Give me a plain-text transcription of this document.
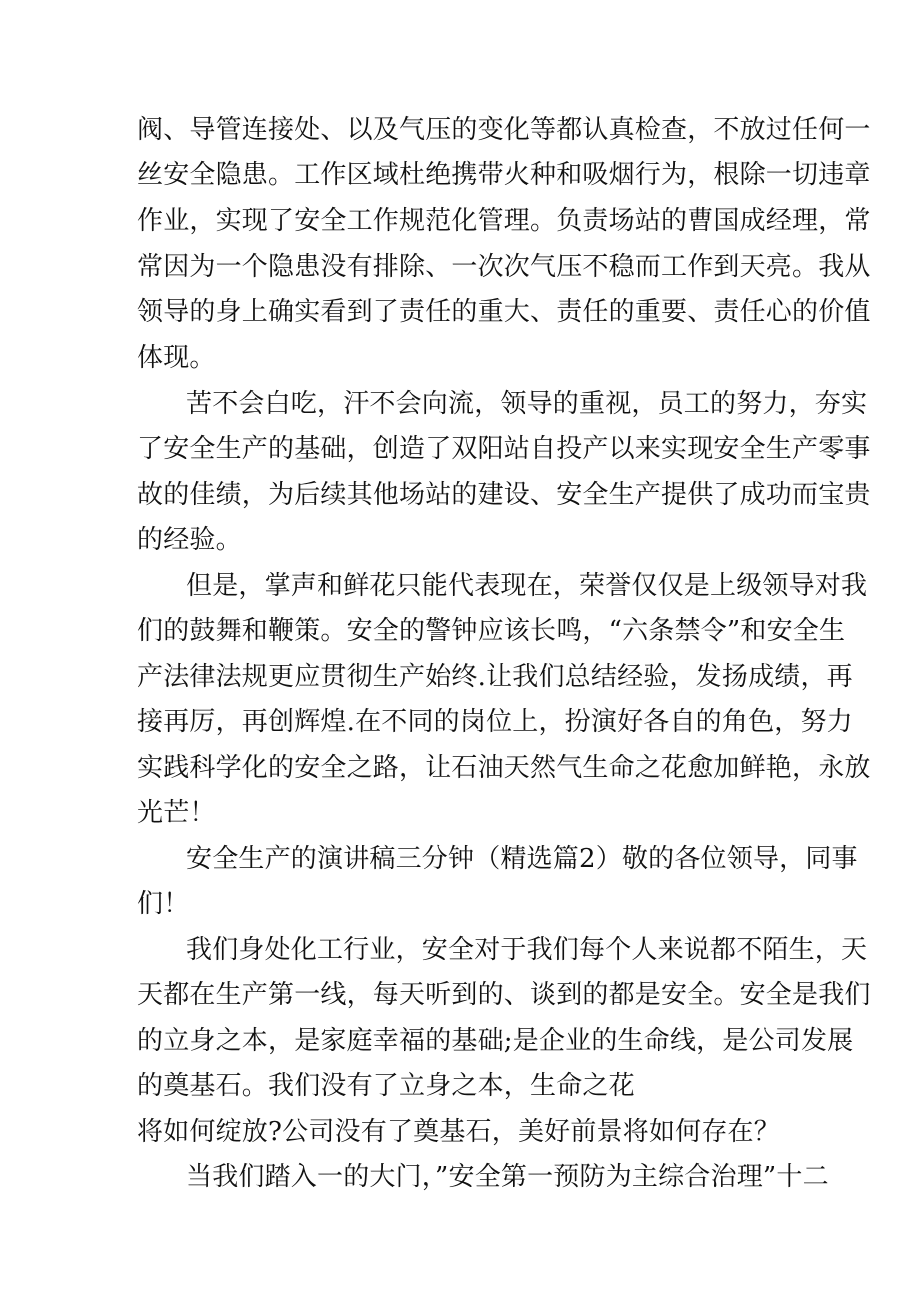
阀、导管连接处、以及气压的变化等都认真检查，不放过任何一
丝安全隐患。工作区域杜绝携带火种和吸烟行为，根除一切违章
作业，实现了安全工作规范化管理。负责场站的曹国成经理，常
常因为一个隐患没有排除、一次次气压不稳而工作到天亮。我从
领导的身上确实看到了责任的重大、责任的重要、责任心的价值
体现。
苦不会白吃，汗不会向流，领导的重视，员工的努力，夯实
了安全生产的基础，创造了双阳站自投产以来实现安全生产零事
故的佳绩，为后续其他场站的建设、安全生产提供了成功而宝贵
的经验。
但是，掌声和鲜花只能代表现在，荣誉仅仅是上级领导对我
们的鼓舞和鞭策。安全的警钟应该长鸣，“六条禁令”和安全生
产法律法规更应贯彻生产始终.让我们总结经验，发扬成绩，再
接再厉，再创辉煌.在不同的岗位上，扮演好各自的角色，努力
实践科学化的安全之路，让石油天然气生命之花愈加鲜艳，永放
光芒！
安全生产的演讲稿三分钟（精选篇2）敬的各位领导，同事
们！
我们身处化工行业，安全对于我们每个人来说都不陌生，天
天都在生产第一线，每天听到的、谈到的都是安全。安全是我们
的立身之本，是家庭幸福的基础;是企业的生命线，是公司发展
的奠基石。我们没有了立身之本，生命之花
将如何绽放?公司没有了奠基石，美好前景将如何存在？
当我们踏入一的大门，”安全第一预防为主综合治理”十二
